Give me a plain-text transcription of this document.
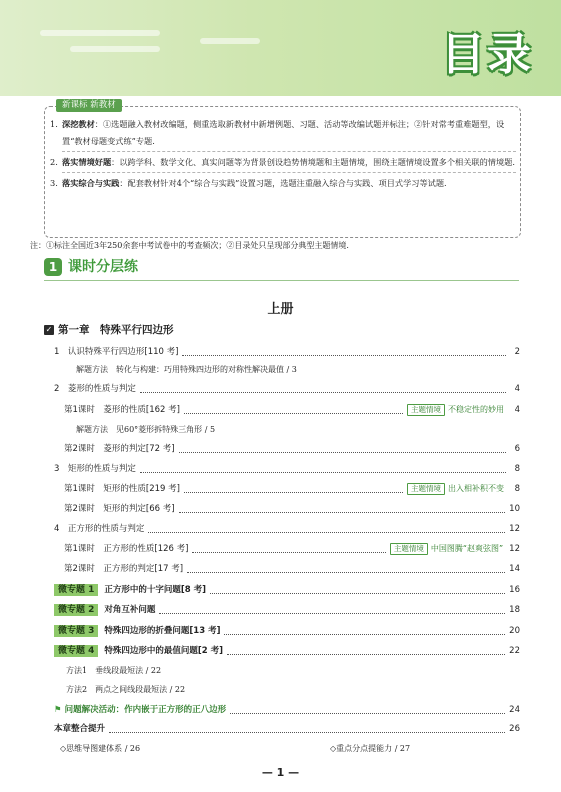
目录
新课标 新教材
1. 深挖教材：①选题融入教材改编题，侧重选取新教材中新增例题、习题、活动等改编试题并标注；②针对常考重难题型，设置“教材母题变式练”专题.
2. 落实情境好题：以跨学科、数学文化、真实问题等为背景创设趋势情境题和主题情境，围绕主题情境设置多个相关联的情境题.
3. 落实综合与实践：配套教材针对4个“综合与实践”设置习题，选题注重融入综合与实践、项目式学习等试题.
注：①标注全国近3年250余套中考试卷中的考查频次；②目录处只呈现部分典型主题情境.
1 课时分层练
上册
✓ 第一章　特殊平行四边形
1　认识特殊平行四边形[110 考]	2
解题方法　转化与构建：巧用特殊四边形的对称性解决最值 / 3
2　菱形的性质与判定	4
第1课时　菱形的性质[162 考]	主题情境 不稳定性的妙用	4
解题方法　见60°菱形拆特殊三角形 / 5
第2课时　菱形的判定[72 考]	6
3　矩形的性质与判定	8
第1课时　矩形的性质[219 考]	主题情境 出入相补积不变	8
第2课时　矩形的判定[66 考]	10
4　正方形的性质与判定	12
第1课时　正方形的性质[126 考]	主题情境 中国图腾“赵爽弦图” 12
第2课时　正方形的判定[17 考]	14
微专题 1	正方形中的十字问题[8 考]	16
微专题 2	对角互补问题	18
微专题 3	特殊四边形的折叠问题[13 考]	20
微专题 4	特殊四边形中的最值问题[2 考]	22
方法1　垂线段最短法 / 22
方法2　两点之间线段最短法 / 22
⚑ 问题解决活动：作内嵌于正方形的正八边形	24
本章整合提升	26
◇思维导图建体系 / 26	◇重点分点提能力 / 27
— 1 —
